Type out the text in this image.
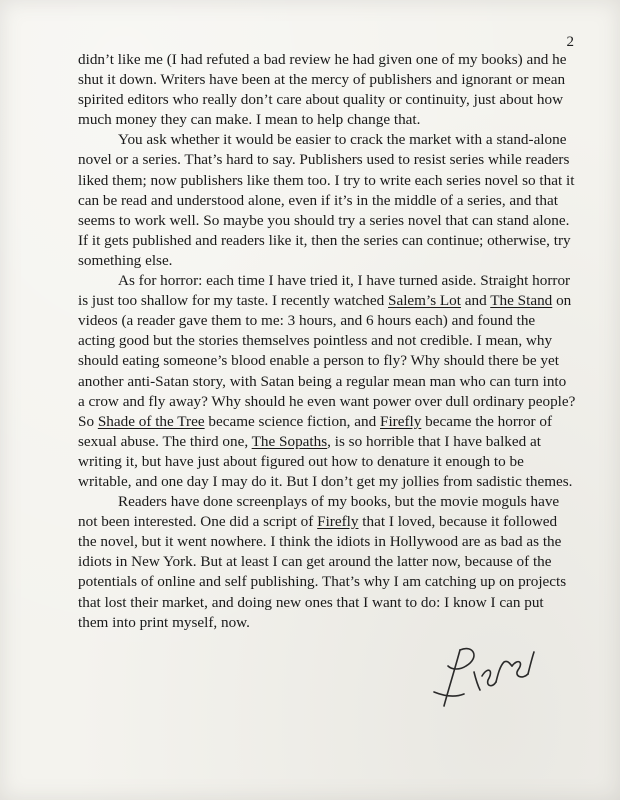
2

didn’t like me (I had refuted a bad review he had given one of my books) and he shut it down. Writers have been at the mercy of publishers and ignorant or mean spirited editors who really don’t care about quality or continuity, just about how much money they can make. I mean to help change that.

You ask whether it would be easier to crack the market with a stand-alone novel or a series. That’s hard to say. Publishers used to resist series while readers liked them; now publishers like them too. I try to write each series novel so that it can be read and understood alone, even if it’s in the middle of a series, and that seems to work well. So maybe you should try a series novel that can stand alone. If it gets published and readers like it, then the series can continue; otherwise, try something else.

As for horror: each time I have tried it, I have turned aside. Straight horror is just too shallow for my taste. I recently watched Salem’s Lot and The Stand on videos (a reader gave them to me: 3 hours, and 6 hours each) and found the acting good but the stories themselves pointless and not credible. I mean, why should eating someone’s blood enable a person to fly? Why should there be yet another anti-Satan story, with Satan being a regular mean man who can turn into a crow and fly away? Why should he even want power over dull ordinary people? So Shade of the Tree became science fiction, and Firefly became the horror of sexual abuse. The third one, The Sopaths, is so horrible that I have balked at writing it, but have just about figured out how to denature it enough to be writable, and one day I may do it. But I don’t get my jollies from sadistic themes.

Readers have done screenplays of my books, but the movie moguls have not been interested. One did a script of Firefly that I loved, because it followed the novel, but it went nowhere. I think the idiots in Hollywood are as bad as the idiots in New York. But at least I can get around the latter now, because of the potentials of online and self publishing. That’s why I am catching up on projects that lost their market, and doing new ones that I want to do: I know I can put them into print myself, now.
